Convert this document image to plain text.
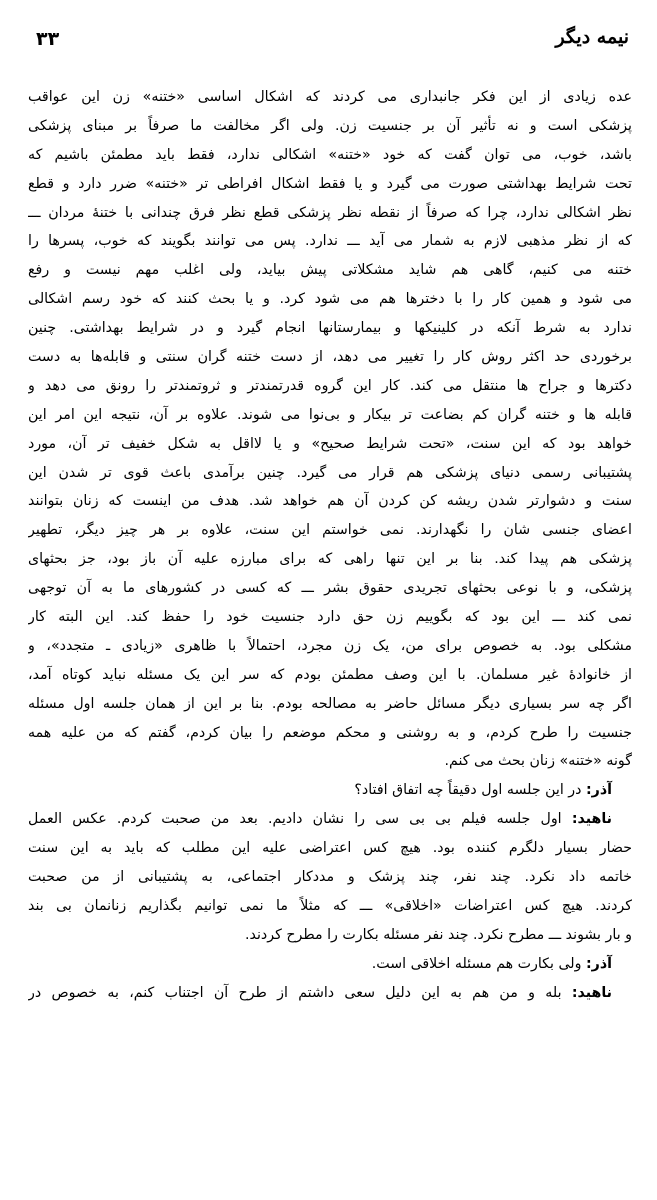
نیمه دیگر
۳۳
عده زیادی از این فکر جانبداری می کردند که اشکال اساسی «ختنه» زن این عواقب
پزشکی است و نه تأثیر آن بر جنسیت زن. ولی اگر مخالفت ما صرفاً بر مبنای پزشکی
باشد، خوب، می توان گفت که خود «ختنه» اشکالی ندارد، فقط باید مطمئن باشیم که
تحت شرایط بهداشتی صورت می گیرد و یا فقط اشکال افراطی تر «ختنه» ضرر دارد و قطع
نظر اشکالی ندارد، چرا که صرفاً از نقطه نظر پزشکی قطع نظر فرق چندانی با ختنهٔ مردان ـــ
که از نظر مذهبی لازم به شمار می آید ـــ ندارد. پس می توانند بگویند که خوب، پسرها را
ختنه می کنیم، گاهی هم شاید مشکلاتی پیش بیاید، ولی اغلب مهم نیست و رفع
می شود و همین کار را با دخترها هم می شود کرد. و یا بحث کنند که خود رسم اشکالی
ندارد به شرط آنکه در کلینیکها و بیمارستانها انجام گیرد و در شرایط بهداشتی. چنین
برخوردی حد اکثر روش کار را تغییر می دهد، از دست ختنه گران سنتی و قابله‌ها به دست
دکترها و جراح ها منتقل می کند. کار این گروه قدرتمندتر و ثروتمندتر را رونق می دهد و
قابله ها و ختنه گران کم بضاعت تر بیکار و بی‌نوا می شوند. علاوه بر آن، نتیجه این امر این
خواهد بود که این سنت، «تحت شرایط صحیح» و یا لااقل به شکل خفیف تر آن، مورد
پشتیبانی رسمی دنیای پزشکی هم قرار می گیرد. چنین برآمدی باعث قوی تر شدن این
سنت و دشوارتر شدن ریشه کن کردن آن هم خواهد شد. هدف من اینست که زنان بتوانند
اعضای جنسی شان را نگهدارند. نمی خواستم این سنت، علاوه بر هر چیز دیگر، تطهیر
پزشکی هم پیدا کند. بنا بر این تنها راهی که برای مبارزه علیه آن باز بود، جز بحثهای
پزشکی، و با نوعی بحثهای تجریدی حقوق بشر ـــ که کسی در کشورهای ما به آن توجهی
نمی کند ـــ این بود که بگوییم زن حق دارد جنسیت خود را حفظ کند. این البته کار
مشکلی بود. به خصوص برای من، یک زن مجرد، احتمالاً با ظاهری «زیادی ـ متجدد»، و
از خانوادهٔ غیر مسلمان. با این وصف مطمئن بودم که سر این یک مسئله نباید کوتاه آمد،
اگر چه سر بسیاری دیگر مسائل حاضر به مصالحه بودم. بنا بر این از همان جلسه اول مسئله
جنسیت را طرح کردم، و به روشنی و محکم موضعم را بیان کردم، گفتم که من علیه همه
گونه «ختنه» زنان بحث می کنم.
آذر: در این جلسه اول دقیقاً چه اتفاق افتاد؟
ناهید: اول جلسه فیلم بی بی سی را نشان دادیم. بعد من صحبت کردم. عکس العمل
حضار بسیار دلگرم کننده بود. هیچ کس اعتراضی علیه این مطلب که باید به این سنت
خاتمه داد نکرد. چند نفر، چند پزشک و مددکار اجتماعی، به پشتیبانی از من صحبت
کردند. هیچ کس اعتراضات «اخلاقی» ـــ که مثلاً ما نمی توانیم بگذاریم زنانمان بی بند
و بار بشوند ـــ مطرح نکرد. چند نفر مسئله بکارت را مطرح کردند.
آذر: ولی بکارت هم مسئله اخلاقی است.
ناهید: بله و من هم به این دلیل سعی داشتم از طرح آن اجتناب کنم، به خصوص در
